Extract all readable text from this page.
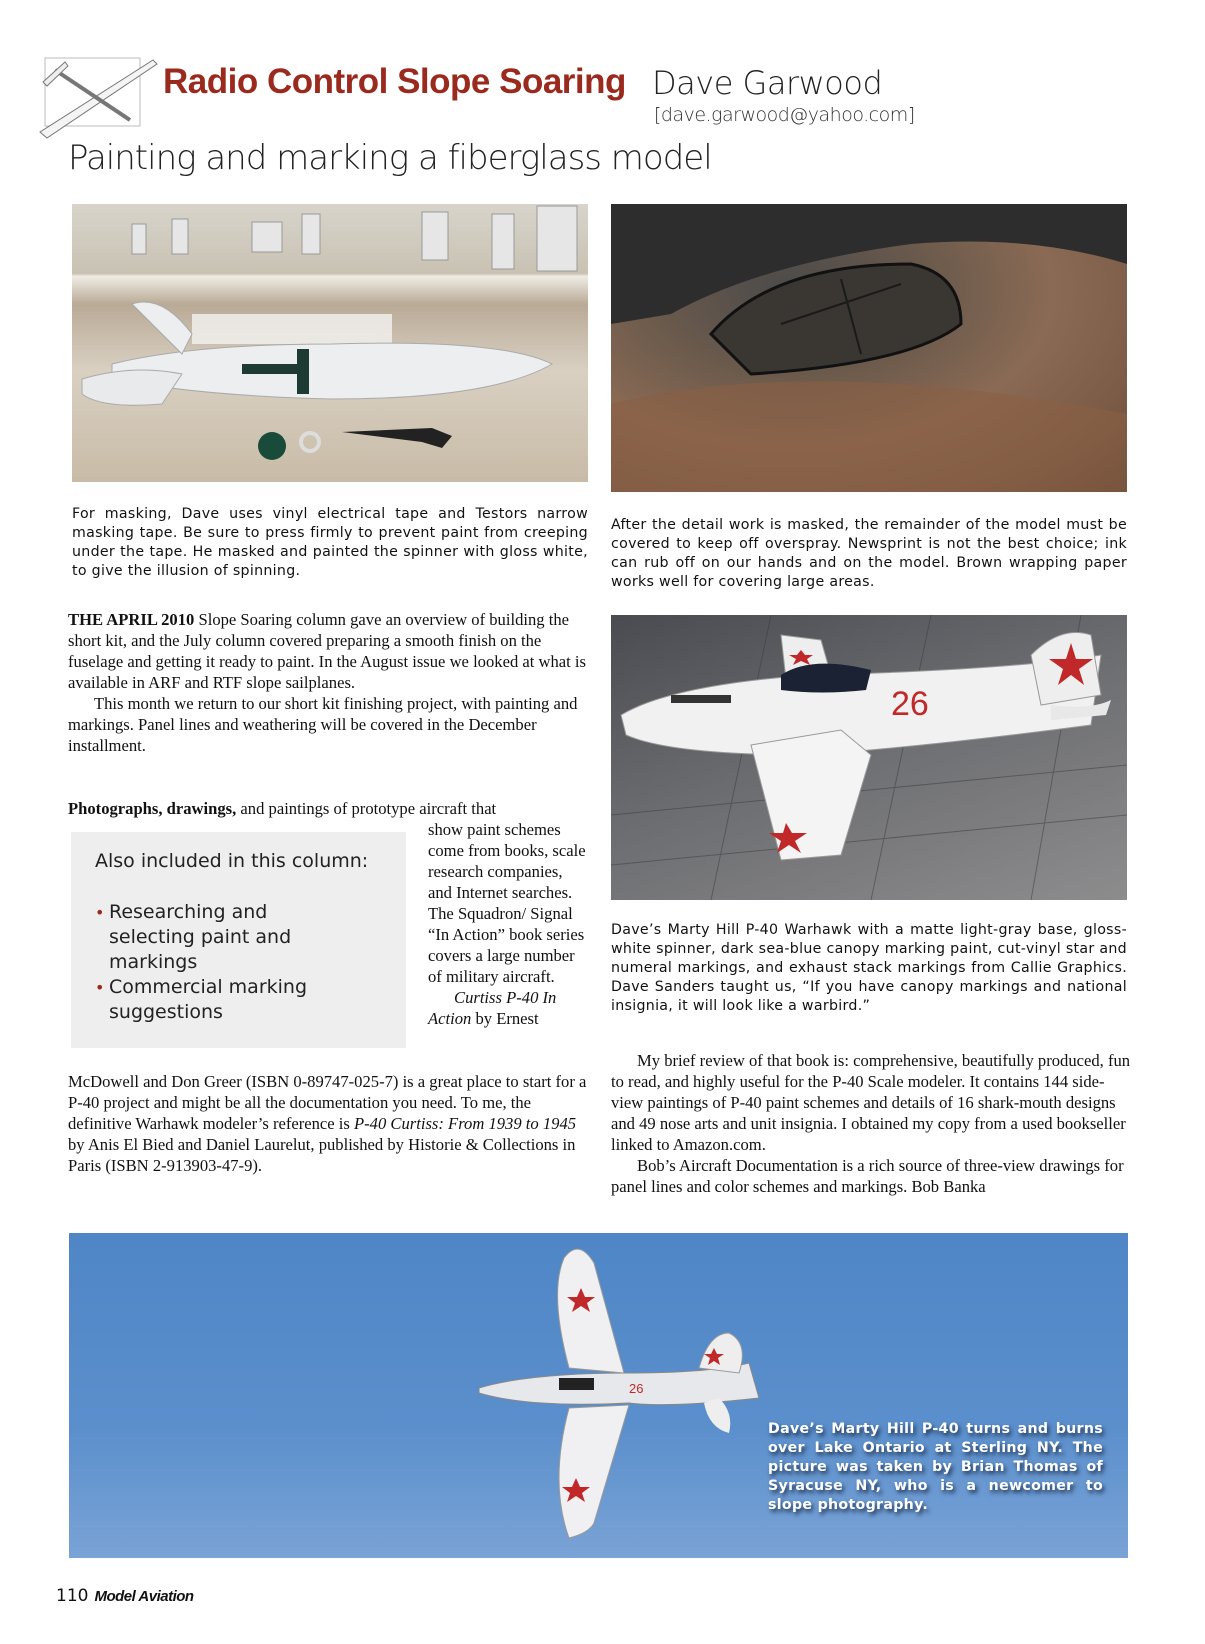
Radio Control Slope Soaring Dave Garwood
[dave.garwood@yahoo.com]
Painting and marking a fiberglass model
For masking, Dave uses vinyl electrical tape and Testors narrow masking tape. Be sure to press firmly to prevent paint from creeping under the tape. He masked and painted the spinner with gloss white, to give the illusion of spinning.
After the detail work is masked, the remainder of the model must be covered to keep off overspray. Newsprint is not the best choice; ink can rub off on our hands and on the model. Brown wrapping paper works well for covering large areas.

THE APRIL 2010 Slope Soaring column gave an overview of building the short kit, and the July column covered preparing a smooth finish on the fuselage and getting it ready to paint. In the August issue we looked at what is available in ARF and RTF slope sailplanes.

This month we return to our short kit finishing project, with painting and markings. Panel lines and weathering will be covered in the December installment.

Photographs, drawings, and paintings of prototype aircraft that
Also included in this column:
• Researching and selecting paint and markings
• Commercial marking suggestions
show paint schemes come from books, scale research companies, and Internet searches. The Squadron/ Signal “In Action” book series covers a large number of military aircraft.
Curtiss P-40 In Action by Ernest
McDowell and Don Greer (ISBN 0-89747-025-7) is a great place to start for a P-40 project and might be all the documentation you need. To me, the definitive Warhawk modeler’s reference is P-40 Curtiss: From 1939 to 1945 by Anis El Bied and Daniel Laurelut, published by Historie & Collections in Paris (ISBN 2-913903-47-9).
26
Dave’s Marty Hill P-40 Warhawk with a matte light-gray base, gloss-white spinner, dark sea-blue canopy marking paint, cut-vinyl star and numeral markings, and exhaust stack markings from Callie Graphics. Dave Sanders taught us, “If you have canopy markings and national insignia, it will look like a warbird.”
My brief review of that book is: comprehensive, beautifully produced, fun to read, and highly useful for the P-40 Scale modeler. It contains 144 side-view paintings of P-40 paint schemes and details of 16 shark-mouth designs and 49 nose arts and unit insignia. I obtained my copy from a used bookseller linked to Amazon.com.
Bob’s Aircraft Documentation is a rich source of three-view drawings for panel lines and color schemes and markings. Bob Banka
26
Dave’s Marty Hill P-40 turns and burns over Lake Ontario at Sterling NY. The picture was taken by Brian Thomas of Syracuse NY, who is a newcomer to slope photography.
110 Model Aviation
